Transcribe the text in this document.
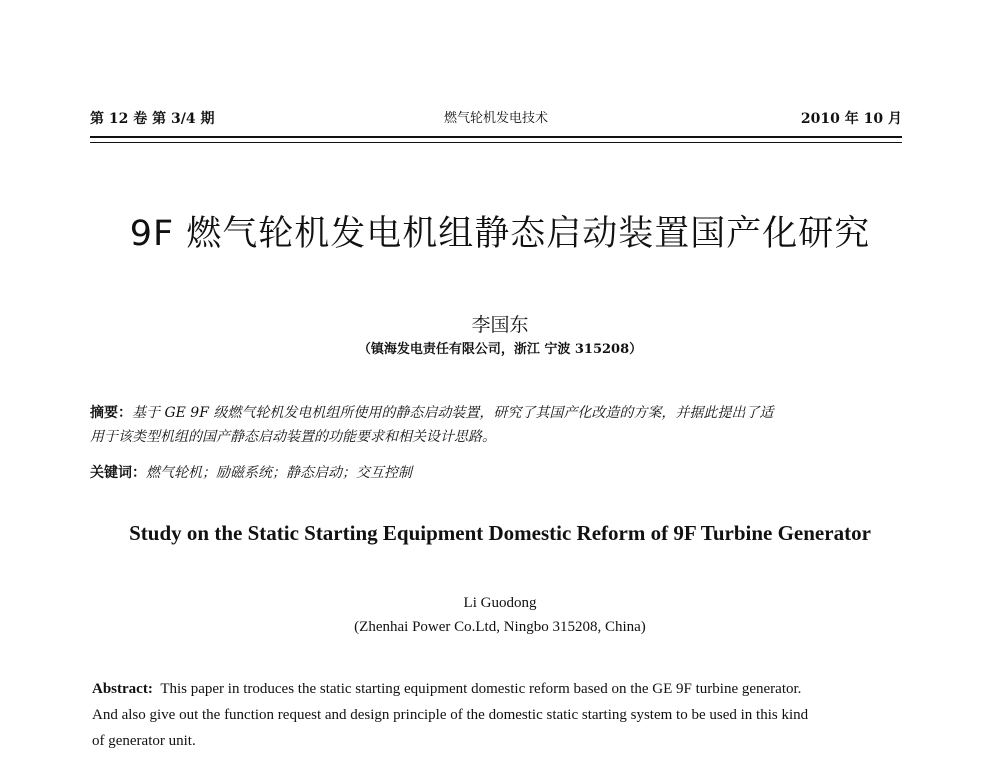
第 12 卷 第 3/4 期	燃气轮机发电技术	2010 年 10 月
9F 燃气轮机发电机组静态启动装置国产化研究
李国东
（镇海发电责任有限公司，浙江 宁波 315208）
摘要：基于 GE 9F 级燃气轮机发电机组所使用的静态启动装置，研究了其国产化改造的方案，并据此提出了适
用于该类型机组的国产静态启动装置的功能要求和相关设计思路。
关键词：燃气轮机；励磁系统；静态启动；交互控制
Study on the Static Starting Equipment Domestic Reform of 9F Turbine Generator
Li Guodong
(Zhenhai Power Co.Ltd, Ningbo 315208, China)
Abstract: This paper in troduces the static starting equipment domestic reform based on the GE 9F turbine generator.
And also give out the function request and design principle of the domestic static starting system to be used in this kind
of generator unit.
